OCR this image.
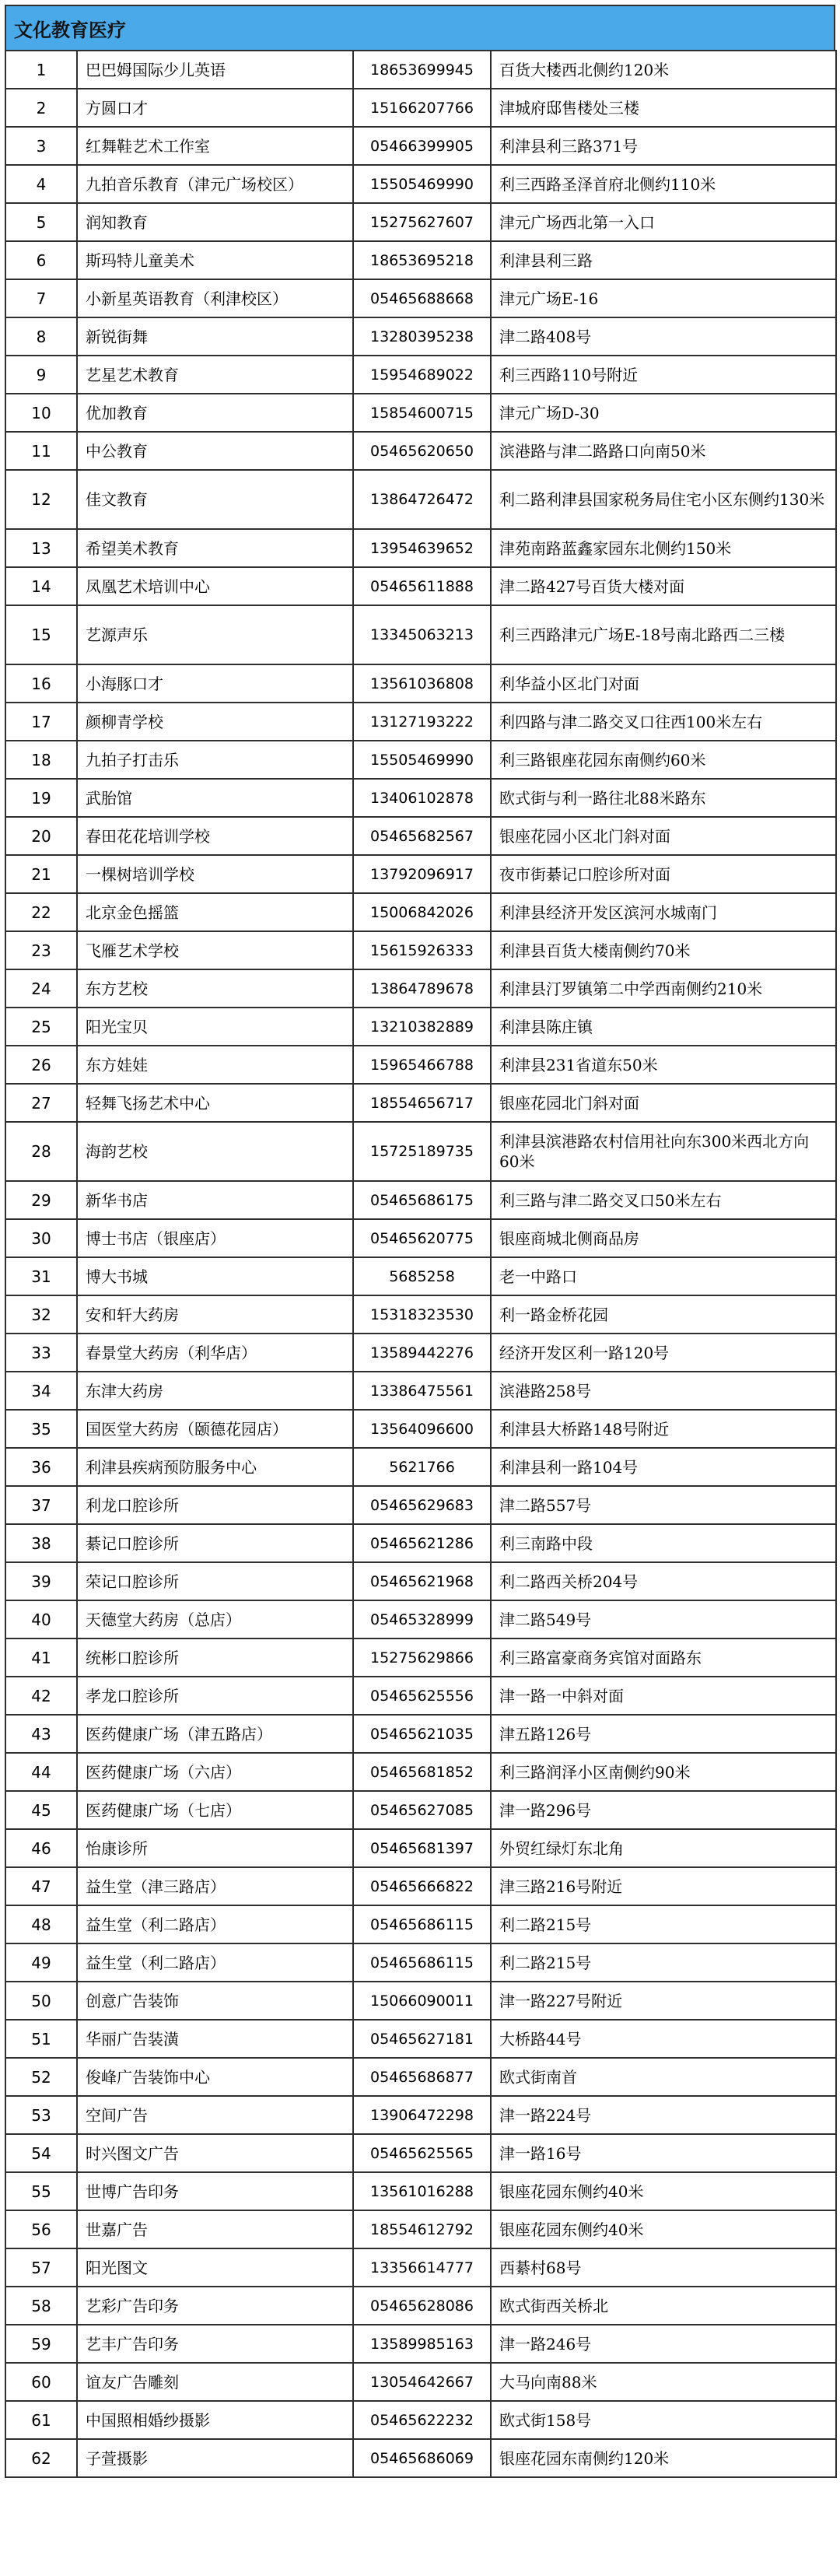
文化教育医疗
1	巴巴姆国际少儿英语	18653699945	百货大楼西北侧约120米
2	方圆口才	15166207766	津城府邸售楼处三楼
3	红舞鞋艺术工作室	05466399905	利津县利三路371号
4	九拍音乐教育（津元广场校区）	15505469990	利三西路圣泽首府北侧约110米
5	润知教育	15275627607	津元广场西北第一入口
6	斯玛特儿童美术	18653695218	利津县利三路
7	小新星英语教育（利津校区）	05465688668	津元广场E-16
8	新锐街舞	13280395238	津二路408号
9	艺星艺术教育	15954689022	利三西路110号附近
10	优加教育	15854600715	津元广场D-30
11	中公教育	05465620650	滨港路与津二路路口向南50米
12	佳文教育	13864726472	利二路利津县国家税务局住宅小区东侧约130米
13	希望美术教育	13954639652	津苑南路蓝鑫家园东北侧约150米
14	凤凰艺术培训中心	05465611888	津二路427号百货大楼对面
15	艺源声乐	13345063213	利三西路津元广场E-18号南北路西二三楼
16	小海豚口才	13561036808	利华益小区北门对面
17	颜柳青学校	13127193222	利四路与津二路交叉口往西100米左右
18	九拍子打击乐	15505469990	利三路银座花园东南侧约60米
19	武胎馆	13406102878	欧式街与利一路往北88米路东
20	春田花花培训学校	05465682567	银座花园小区北门斜对面
21	一棵树培训学校	13792096917	夜市街綦记口腔诊所对面
22	北京金色摇篮	15006842026	利津县经济开发区滨河水城南门
23	飞雁艺术学校	15615926333	利津县百货大楼南侧约70米
24	东方艺校	13864789678	利津县汀罗镇第二中学西南侧约210米
25	阳光宝贝	13210382889	利津县陈庄镇
26	东方娃娃	15965466788	利津县231省道东50米
27	轻舞飞扬艺术中心	18554656717	银座花园北门斜对面
28	海韵艺校	15725189735	利津县滨港路农村信用社向东300米西北方向60米
29	新华书店	05465686175	利三路与津二路交叉口50米左右
30	博士书店（银座店）	05465620775	银座商城北侧商品房
31	博大书城	5685258	老一中路口
32	安和轩大药房	15318323530	利一路金桥花园
33	春景堂大药房（利华店）	13589442276	经济开发区利一路120号
34	东津大药房	13386475561	滨港路258号
35	国医堂大药房（颐德花园店）	13564096600	利津县大桥路148号附近
36	利津县疾病预防服务中心	5621766	利津县利一路104号
37	利龙口腔诊所	05465629683	津二路557号
38	綦记口腔诊所	05465621286	利三南路中段
39	荣记口腔诊所	05465621968	利二路西关桥204号
40	天德堂大药房（总店）	05465328999	津二路549号
41	统彬口腔诊所	15275629866	利三路富豪商务宾馆对面路东
42	孝龙口腔诊所	05465625556	津一路一中斜对面
43	医药健康广场（津五路店）	05465621035	津五路126号
44	医药健康广场（六店）	05465681852	利三路润泽小区南侧约90米
45	医药健康广场（七店）	05465627085	津一路296号
46	怡康诊所	05465681397	外贸红绿灯东北角
47	益生堂（津三路店）	05465666822	津三路216号附近
48	益生堂（利二路店）	05465686115	利二路215号
49	益生堂（利二路店）	05465686115	利二路215号
50	创意广告装饰	15066090011	津一路227号附近
51	华丽广告装潢	05465627181	大桥路44号
52	俊峰广告装饰中心	05465686877	欧式街南首
53	空间广告	13906472298	津一路224号
54	时兴图文广告	05465625565	津一路16号
55	世博广告印务	13561016288	银座花园东侧约40米
56	世嘉广告	18554612792	银座花园东侧约40米
57	阳光图文	13356614777	西綦村68号
58	艺彩广告印务	05465628086	欧式街西关桥北
59	艺丰广告印务	13589985163	津一路246号
60	谊友广告雕刻	13054642667	大马向南88米
61	中国照相婚纱摄影	05465622232	欧式街158号
62	子萱摄影	05465686069	银座花园东南侧约120米
